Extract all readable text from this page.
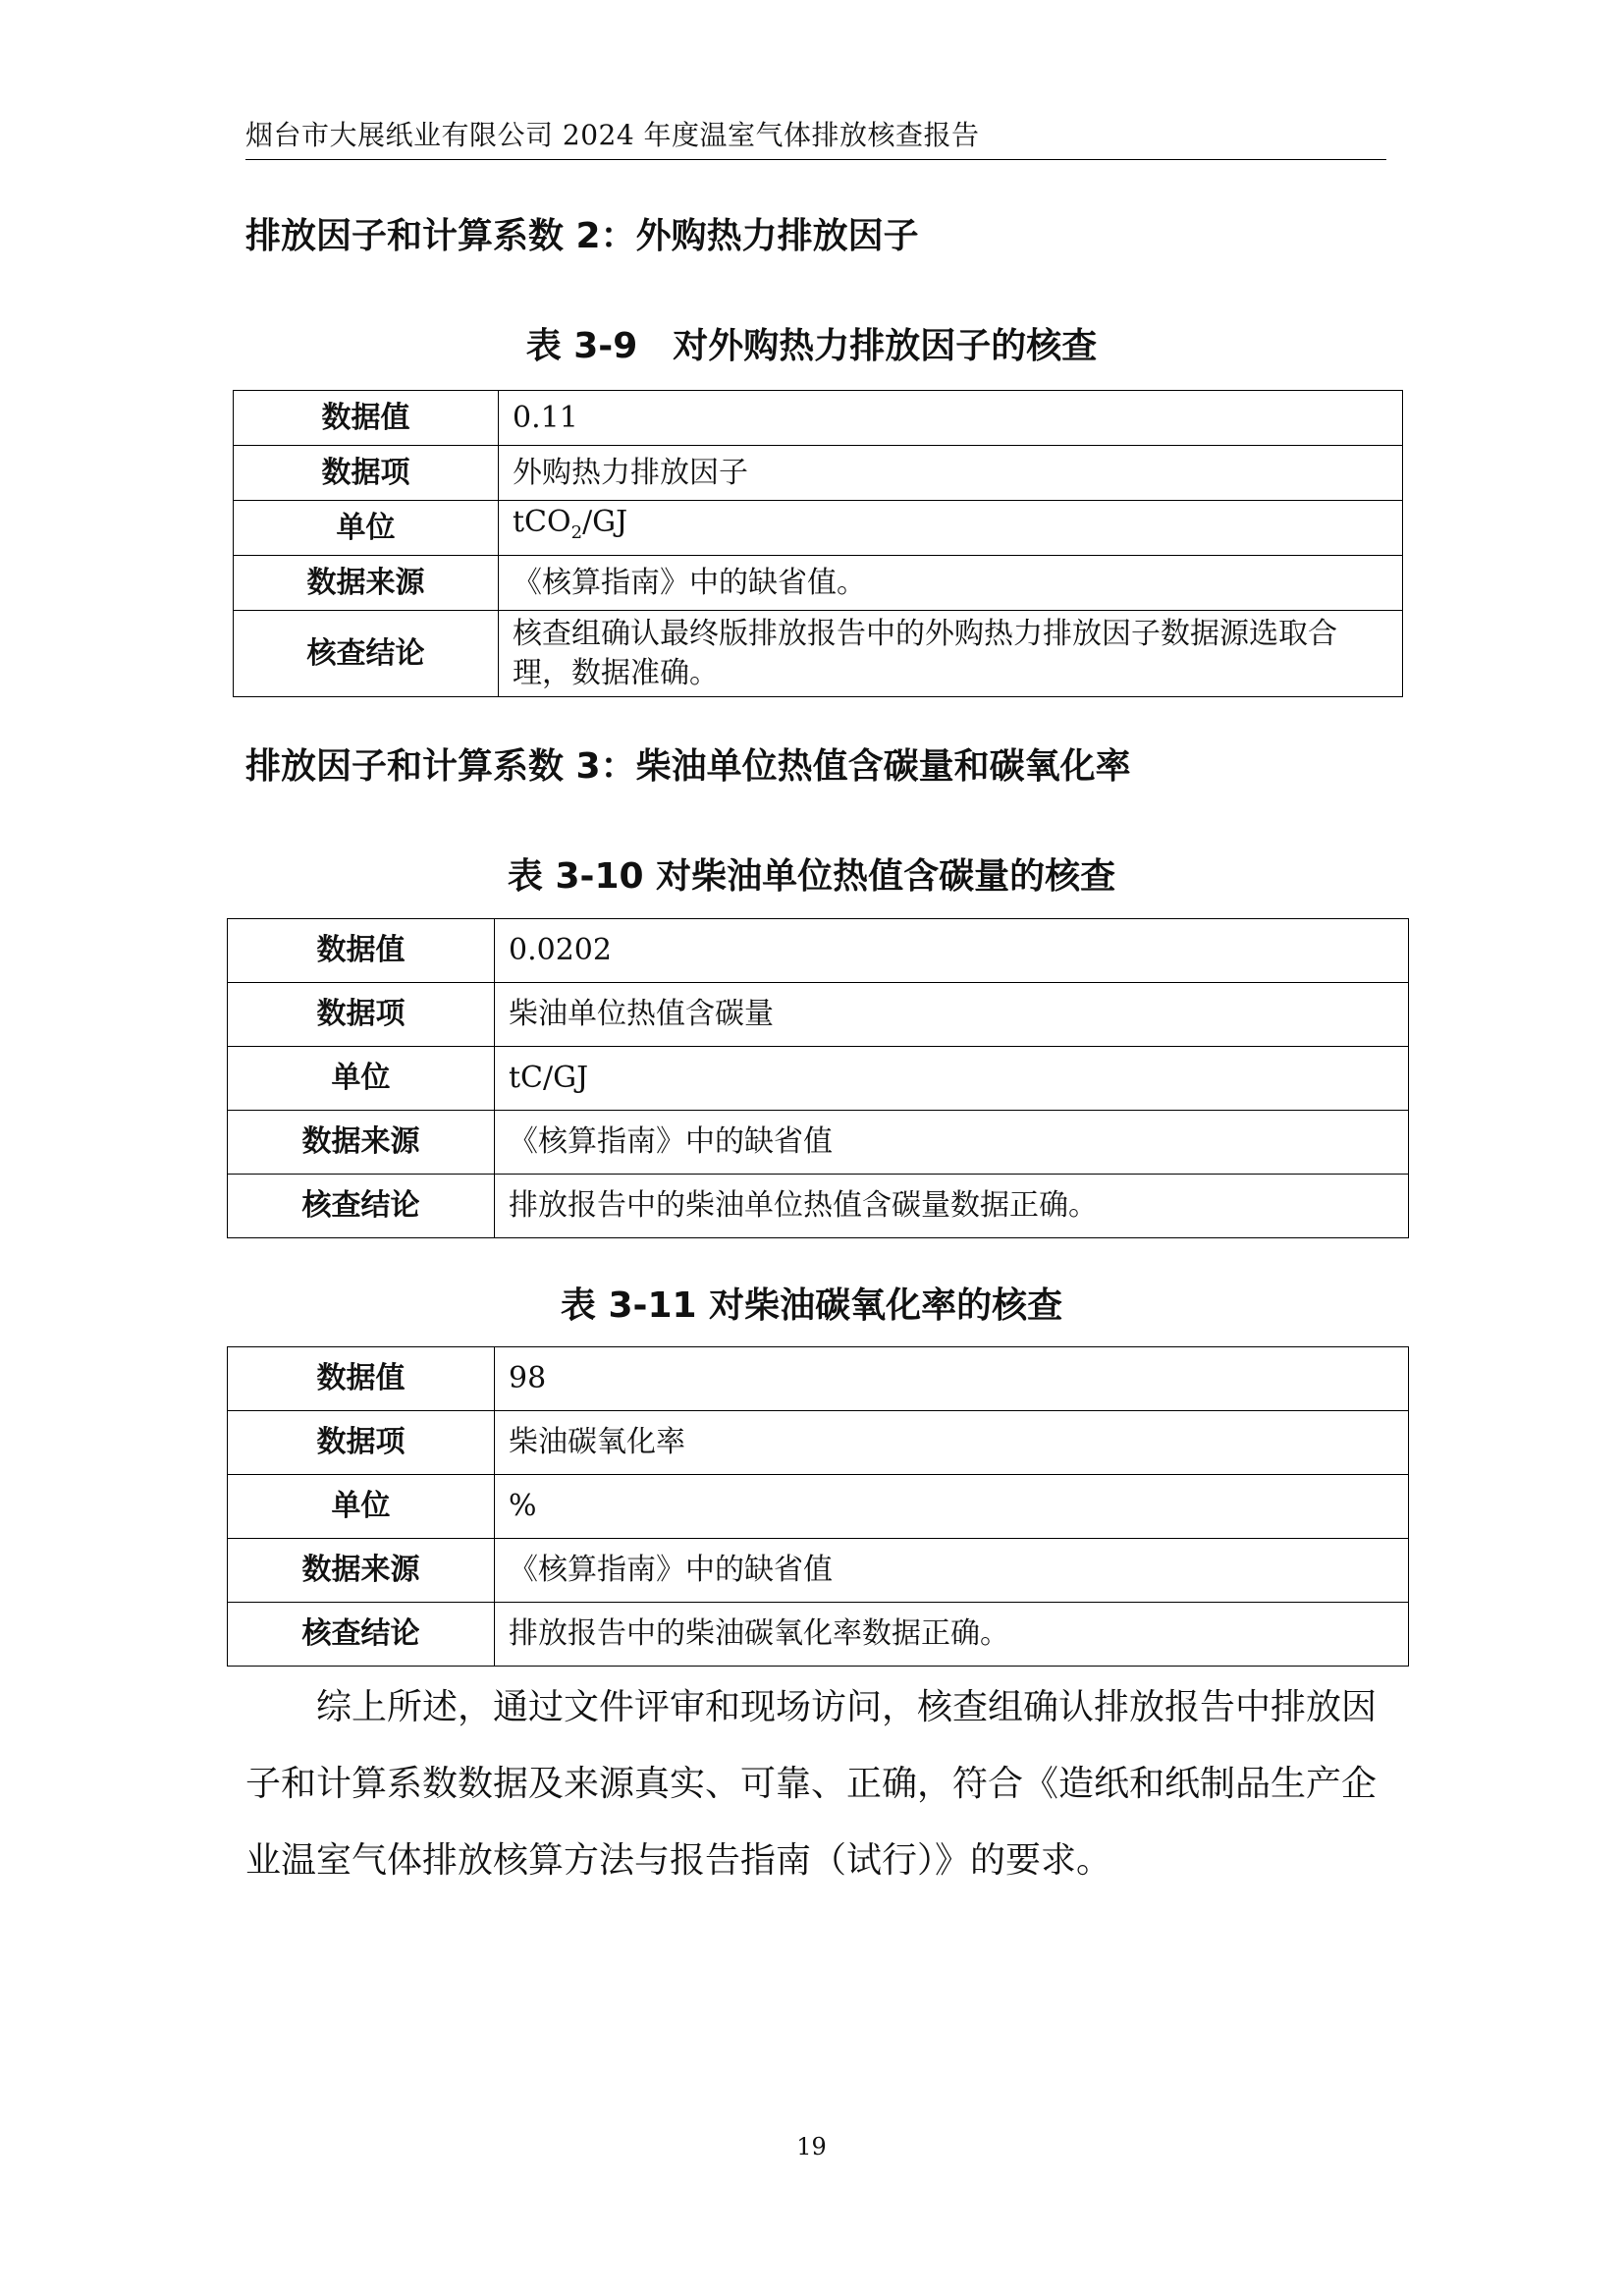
烟台市大展纸业有限公司 2024 年度温室气体排放核查报告
排放因子和计算系数 2：外购热力排放因子
表 3-9　对外购热力排放因子的核查
数据值	0.11
数据项	外购热力排放因子
单位	tCO$_2$/GJ
数据来源	《核算指南》中的缺省值。
核查结论	核查组确认最终版排放报告中的外购热力排放因子数据源选取合理，数据准确。
排放因子和计算系数 3：柴油单位热值含碳量和碳氧化率
表 3-10 对柴油单位热值含碳量的核查
数据值	0.0202
数据项	柴油单位热值含碳量
单位	tC/GJ
数据来源	《核算指南》中的缺省值
核查结论	排放报告中的柴油单位热值含碳量数据正确。
表 3-11 对柴油碳氧化率的核查
数据值	98
数据项	柴油碳氧化率
单位	%
数据来源	《核算指南》中的缺省值
核查结论	排放报告中的柴油碳氧化率数据正确。
综上所述，通过文件评审和现场访问，核查组确认排放报告中排放因子和计算系数数据及来源真实、可靠、正确，符合《造纸和纸制品生产企业温室气体排放核算方法与报告指南（试行）》的要求。
19
